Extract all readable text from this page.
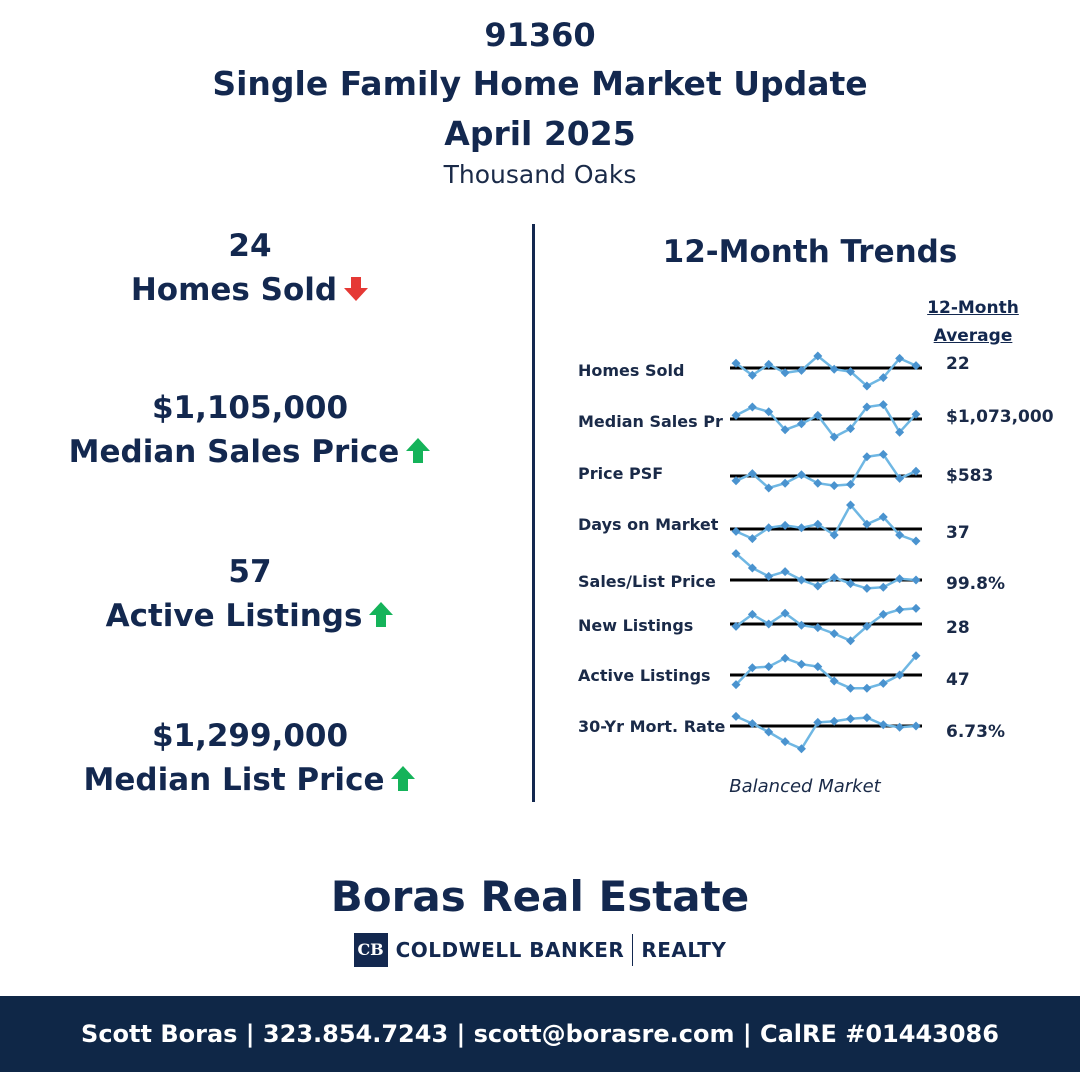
91360
Single Family Home Market Update
April 2025
Thousand Oaks
24
Homes Sold
$1,105,000
Median Sales Price
57
Active Listings
$1,299,000
Median List Price
12-Month Trends
12-Month
Average
Homes Sold
Median Sales Pr
Price PSF
Days on Market
Sales/List Price
New Listings
Active Listings
30-Yr Mort. Rate
22
$1,073,000
$583
37
99.8%
28
47
6.73%
Balanced Market
Boras Real Estate
CB COLDWELL BANKER REALTY
Scott Boras | 323.854.7243 | scott@borasre.com | CalRE #01443086
